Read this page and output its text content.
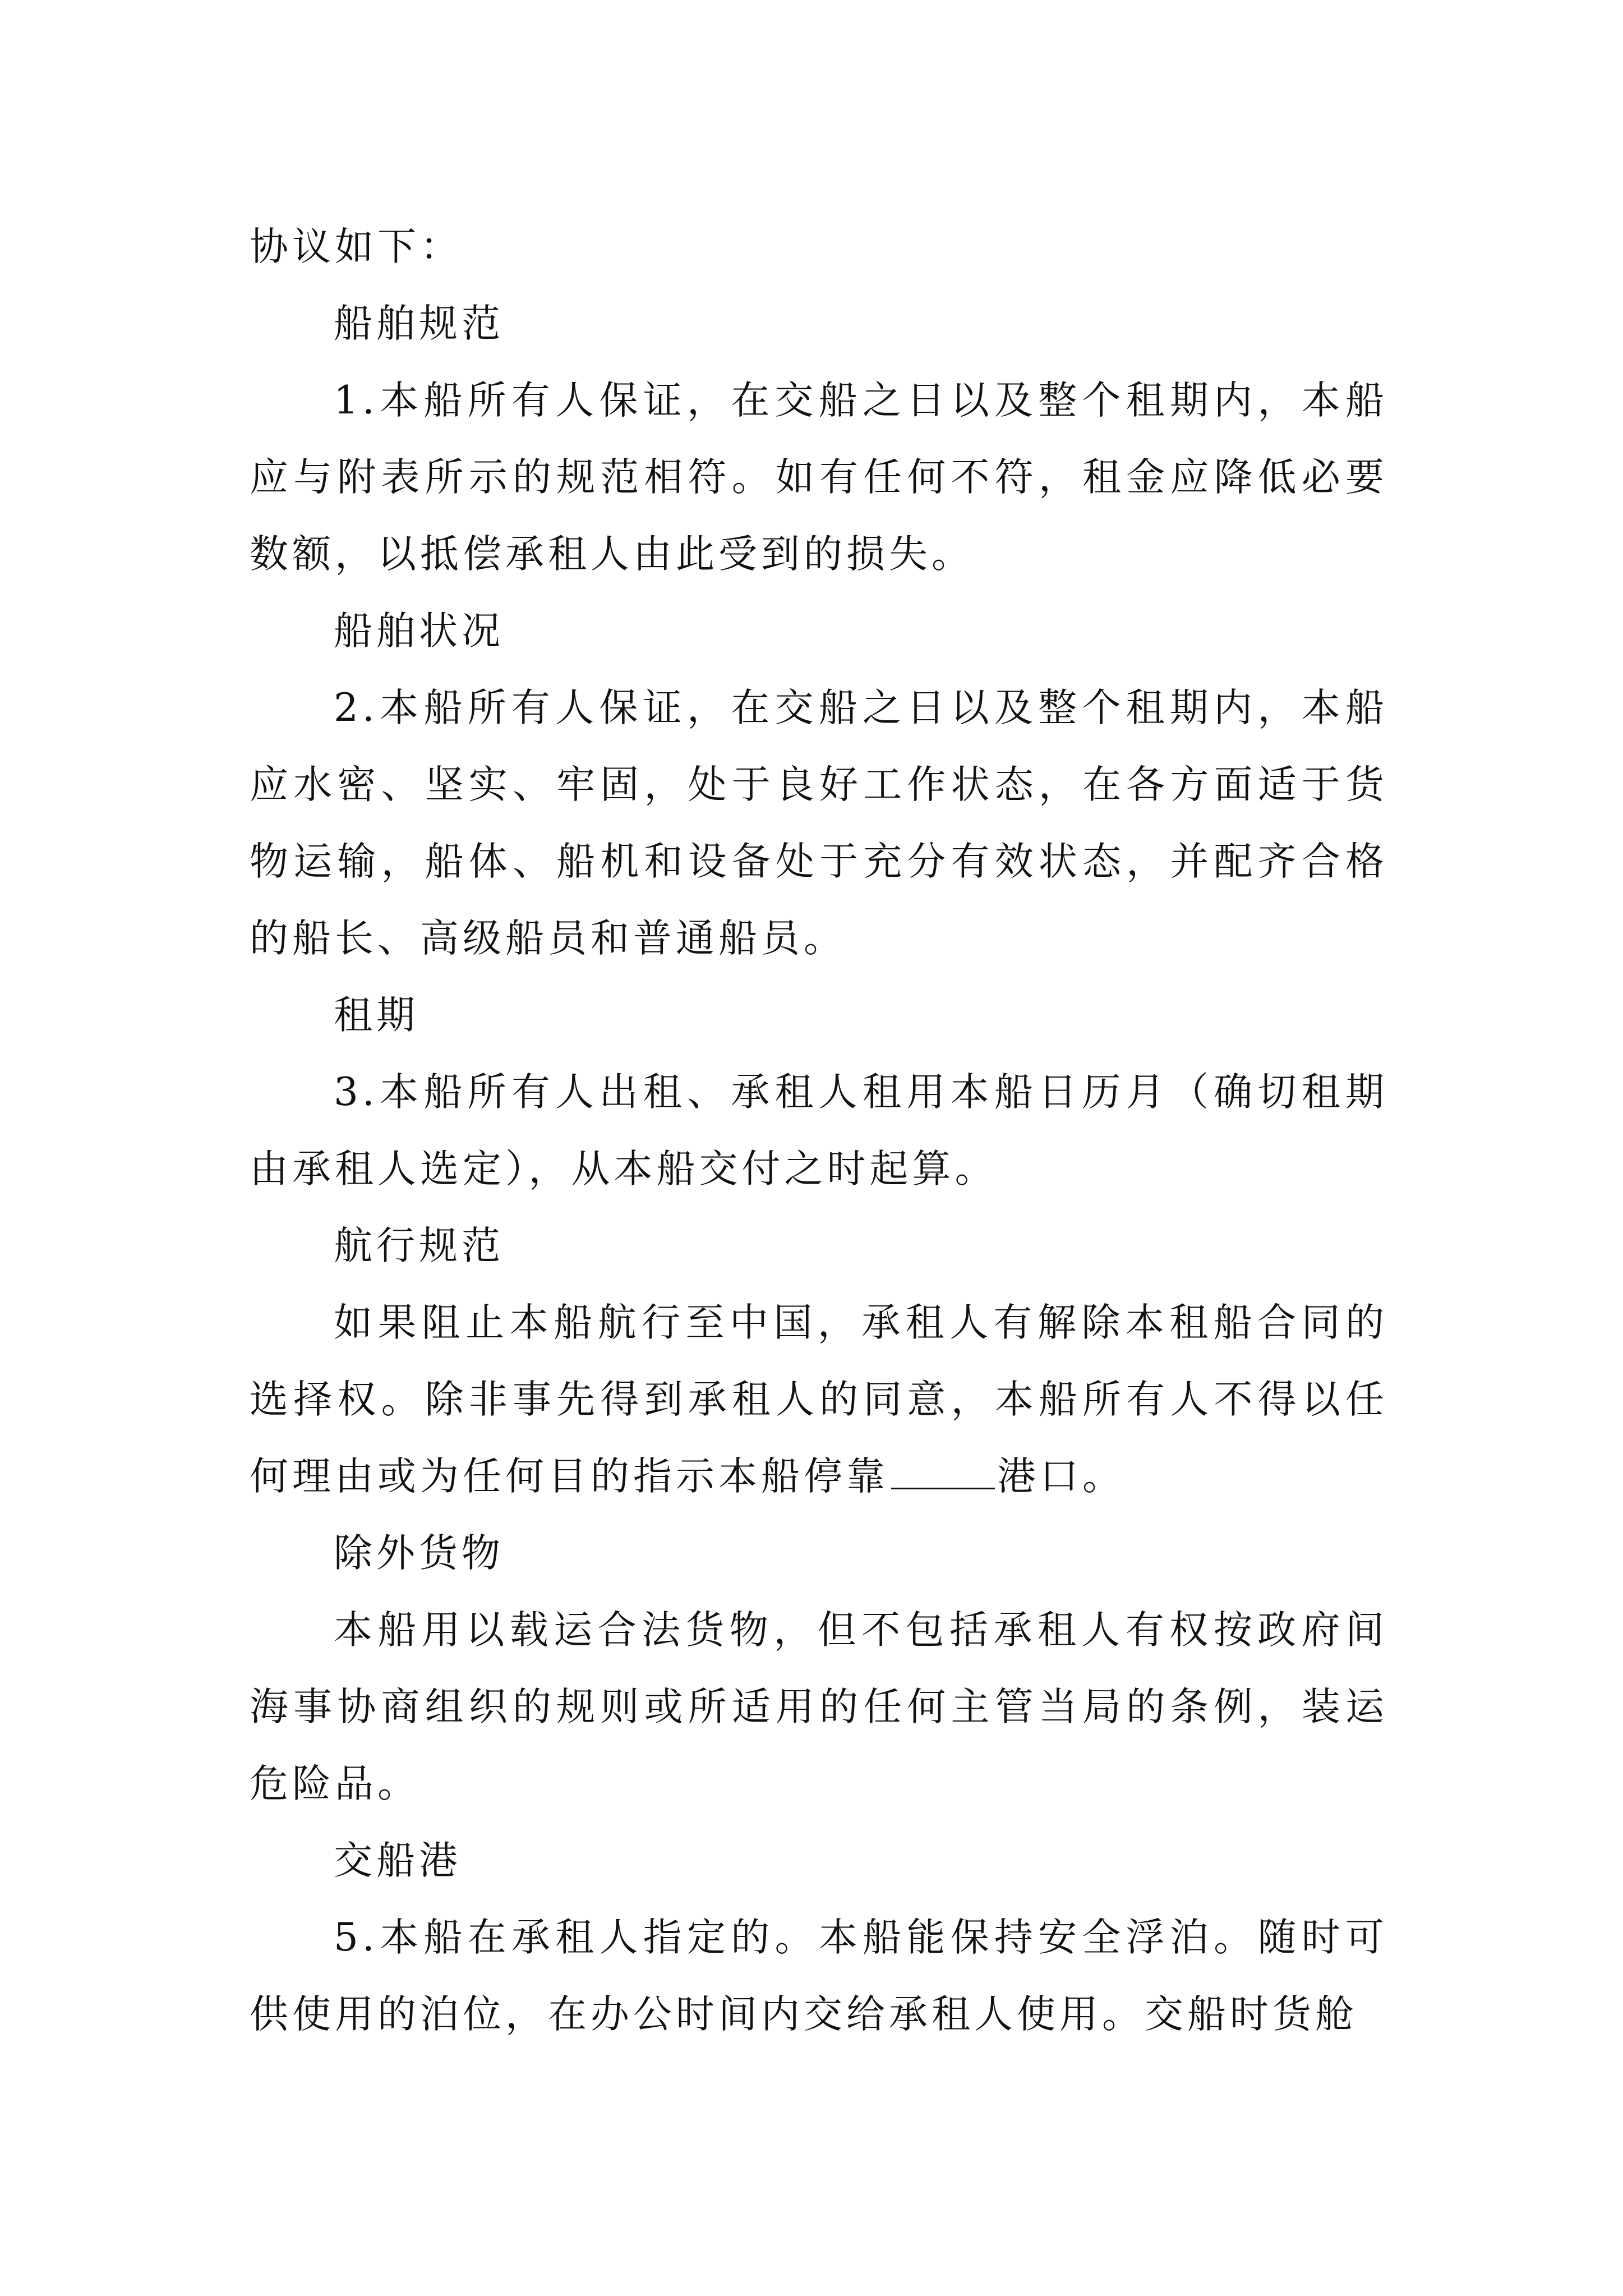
协议如下：

船舶规范

1.本船所有人保证，在交船之日以及整个租期内，本船应与附表所示的规范相符。如有任何不符，租金应降低必要数额，以抵偿承租人由此受到的损失。

船舶状况

2.本船所有人保证，在交船之日以及整个租期内，本船应水密、坚实、牢固，处于良好工作状态，在各方面适于货物运输，船体、船机和设备处于充分有效状态，并配齐合格的船长、高级船员和普通船员。

租期

3.本船所有人出租、承租人租用本船日历月（确切租期由承租人选定），从本船交付之时起算。

航行规范

如果阻止本船航行至中国，承租人有解除本租船合同的选择权。除非事先得到承租人的同意，本船所有人不得以任何理由或为任何目的指示本船停靠	港口。

除外货物

本船用以载运合法货物，但不包括承租人有权按政府间海事协商组织的规则或所适用的任何主管当局的条例，装运危险品。

交船港

5.本船在承租人指定的。本船能保持安全浮泊。随时可供使用的泊位，在办公时间内交给承租人使用。交船时货舱
